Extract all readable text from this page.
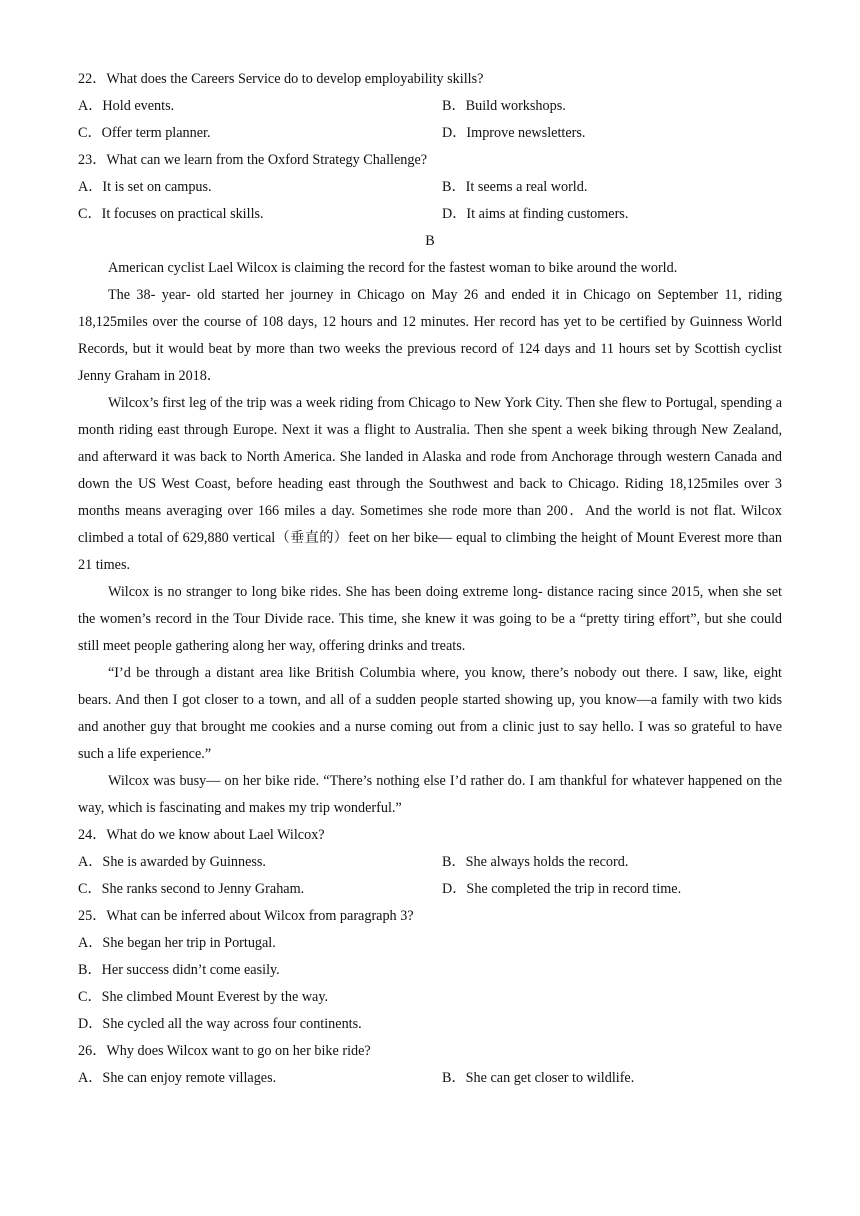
22．What does the Careers Service do to develop employability skills?
A．Hold events.	B．Build workshops.
C．Offer term planner.	D．Improve newsletters.
23．What can we learn from the Oxford Strategy Challenge?
A．It is set on campus.	B．It seems a real world.
C．It focuses on practical skills.	D．It aims at finding customers.
B

American cyclist Lael Wilcox is claiming the record for the fastest woman to bike around the world.

The 38- year- old started her journey in Chicago on May 26 and ended it in Chicago on September 11, riding 18,125miles over the course of 108 days, 12 hours and 12 minutes. Her record has yet to be certified by Guinness World Records, but it would beat by more than two weeks the previous record of 124 days and 11 hours set by Scottish cyclist Jenny Graham in 2018．

Wilcox’s first leg of the trip was a week riding from Chicago to New York City. Then she flew to Portugal, spending a month riding east through Europe. Next it was a flight to Australia. Then she spent a week biking through New Zealand, and afterward it was back to North America. She landed in Alaska and rode from Anchorage through western Canada and down the US West Coast, before heading east through the Southwest and back to Chicago. Riding 18,125miles over 3 months means averaging over 166 miles a day. Sometimes she rode more than 200．And the world is not flat. Wilcox climbed a total of 629,880 vertical（垂直的）feet on her bike— equal to climbing the height of Mount Everest more than 21 times.

Wilcox is no stranger to long bike rides. She has been doing extreme long- distance racing since 2015, when she set the women’s record in the Tour Divide race. This time, she knew it was going to be a “pretty tiring effort”, but she could still meet people gathering along her way, offering drinks and treats.

“I’d be through a distant area like British Columbia where, you know, there’s nobody out there. I saw, like, eight bears. And then I got closer to a town, and all of a sudden people started showing up, you know—a family with two kids and another guy that brought me cookies and a nurse coming out from a clinic just to say hello. I was so grateful to have such a life experience.”

Wilcox was busy— on her bike ride. “There’s nothing else I’d rather do. I am thankful for whatever happened on the way, which is fascinating and makes my trip wonderful.”

24．What do we know about Lael Wilcox?
A．She is awarded by Guinness.	B．She always holds the record.
C．She ranks second to Jenny Graham.	D．She completed the trip in record time.
25．What can be inferred about Wilcox from paragraph 3?
A．She began her trip in Portugal.
B．Her success didn’t come easily.
C．She climbed Mount Everest by the way.
D．She cycled all the way across four continents.
26．Why does Wilcox want to go on her bike ride?
A．She can enjoy remote villages.	B．She can get closer to wildlife.
